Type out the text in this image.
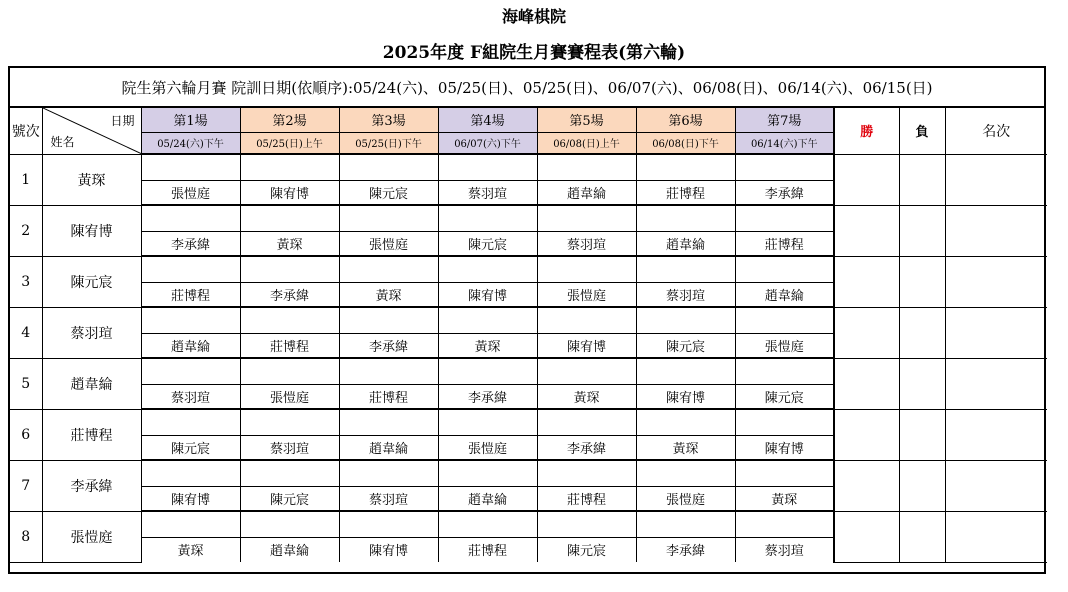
海峰棋院
2025年度 F組院生月賽賽程表(第六輪)
院生第六輪月賽 院訓日期(依順序):05/24(六)、05/25(日)、05/25(日)、06/07(六)、06/08(日)、06/14(六)、06/15(日)
號次	日期
姓名	第1場	第2場	第3場	第4場	第5場	第6場	第7場	勝	負	名次
		05/24(六)下午	05/25(日)上午	05/25(日)下午	06/07(六)下午	06/08(日)上午	06/08(日)下午	06/14(六)下午			
1	黃琛										
		張愷庭	陳宥博	陳元宸	蔡羽瑄	趙韋綸	莊博程	李承緯			
2	陳宥博										
		李承緯	黃琛	張愷庭	陳元宸	蔡羽瑄	趙韋綸	莊博程			
3	陳元宸										
		莊博程	李承緯	黃琛	陳宥博	張愷庭	蔡羽瑄	趙韋綸			
4	蔡羽瑄										
		趙韋綸	莊博程	李承緯	黃琛	陳宥博	陳元宸	張愷庭			
5	趙韋綸										
		蔡羽瑄	張愷庭	莊博程	李承緯	黃琛	陳宥博	陳元宸			
6	莊博程										
		陳元宸	蔡羽瑄	趙韋綸	張愷庭	李承緯	黃琛	陳宥博			
7	李承緯										
		陳宥博	陳元宸	蔡羽瑄	趙韋綸	莊博程	張愷庭	黃琛			
8	張愷庭										
		黃琛	趙韋綸	陳宥博	莊博程	陳元宸	李承緯	蔡羽瑄			
